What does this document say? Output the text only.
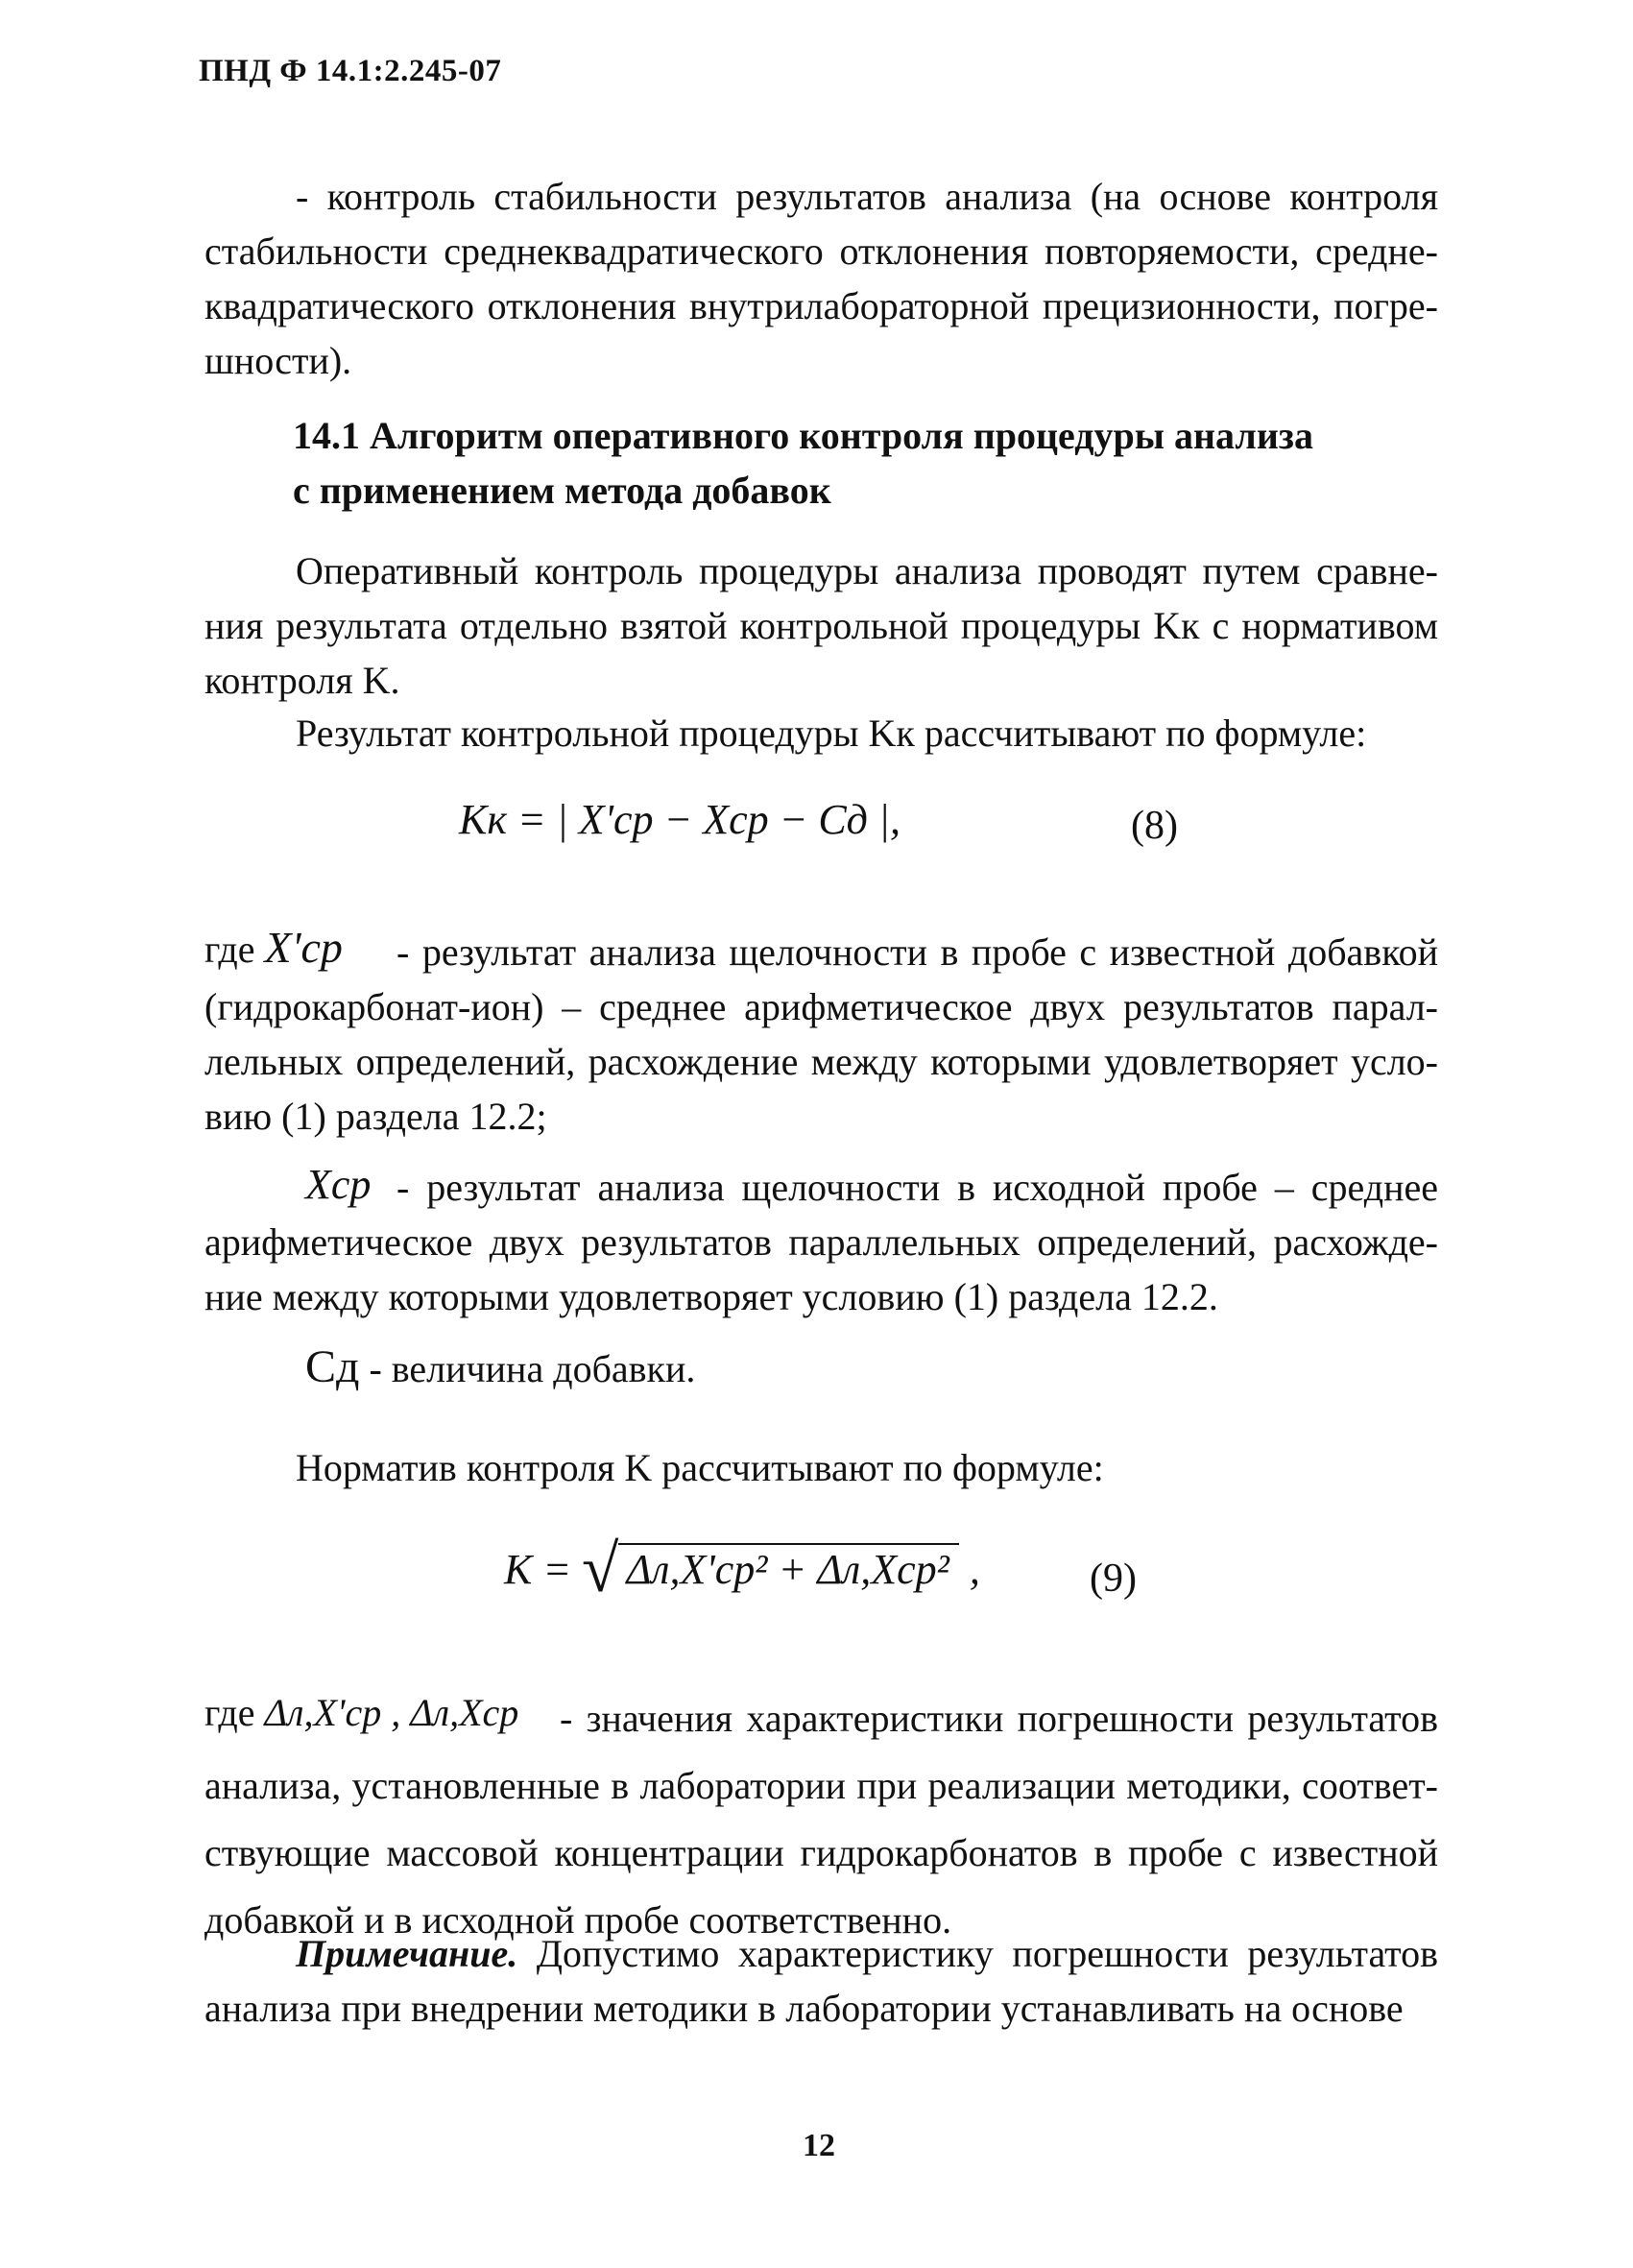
ПНД Ф 14.1:2.245-07
- контроль стабильности результатов анализа (на основе контроля стабильности среднеквадратического отклонения повторяемости, средне-квадратического отклонения внутрилабораторной прецизионности, погре-шности).
14.1 Алгоритм оперативного контроля процедуры анализа
с применением метода добавок
Оперативный контроль процедуры анализа проводят путем сравне-ния результата отдельно взятой контрольной процедуры Kк с нормативом контроля K.
Результат контрольной процедуры Kк рассчитывают по формуле:
Kк = | X'ср − Xср − Cд |,	(8)
где X'ср	- результат анализа щелочности в пробе с известной добавкой (гидрокарбонат-ион) – среднее арифметическое двух результатов парал-лельных определений, расхождение между которыми удовлетворяет усло-вию (1) раздела 12.2;
Xср - результат анализа щелочности в исходной пробе – среднее арифметическое двух результатов параллельных определений, расхожде-ние между которыми удовлетворяет условию (1) раздела 12.2.
Cд - величина добавки.
Норматив контроля K рассчитывают по формуле:
K = √ Δл,X'ср² + Δл,Xср² ,	(9)
где Δл,X'ср , Δл,Xср	- значения характеристики погрешности результатов анализа, установленные в лаборатории при реализации методики, соответ-ствующие массовой концентрации гидрокарбонатов в пробе с известной добавкой и в исходной пробе соответственно.
Примечание. Допустимо характеристику погрешности результатов анализа при внедрении методики в лаборатории устанавливать на основе
12
